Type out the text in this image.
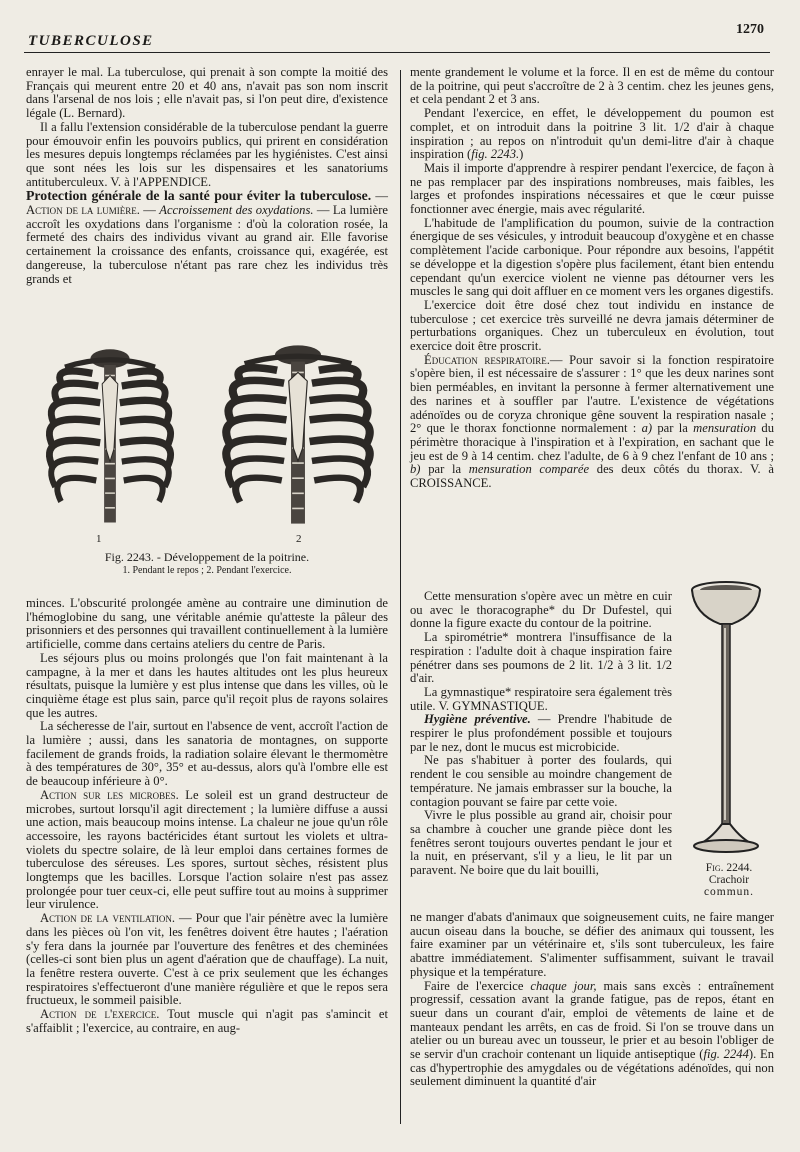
TUBERCULOSE
1270

enrayer le mal. La tuberculose, qui prenait à son compte la moitié des Français qui meurent entre 20 et 40 ans, n'avait pas son nom inscrit dans l'arsenal de nos lois ; elle n'avait pas, si l'on peut dire, d'existence légale (L. Bernard).

Il a fallu l'extension considérable de la tuberculose pendant la guerre pour émouvoir enfin les pouvoirs publics, qui prirent en considération les mesures depuis longtemps réclamées par les hygiénistes. C'est ainsi que sont nées les lois sur les dispensaires et les sanatoriums antituberculeux. V. à l'APPENDICE.

Protection générale de la santé pour éviter la tuberculose. — Action de la lumière. — Accroissement des oxydations. — La lumière accroît les oxydations dans l'organisme : d'où la coloration rosée, la fermeté des chairs des individus vivant au grand air. Elle favorise certainement la croissance des enfants, croissance qui, exagérée, est dangereuse, la tuberculose n'étant pas rare chez les individus très grands et

1	2
Fig. 2243. - Développement de la poitrine.
1. Pendant le repos ; 2. Pendant l'exercice.

minces. L'obscurité prolongée amène au contraire une diminution de l'hémoglobine du sang, une véritable anémie qu'atteste la pâleur des prisonniers et des personnes qui travaillent continuellement à la lumière artificielle, comme dans certains ateliers du centre de Paris.

Les séjours plus ou moins prolongés que l'on fait maintenant à la campagne, à la mer et dans les hautes altitudes ont les plus heureux résultats, puisque la lumière y est plus intense que dans les villes, où le cinquième étage est plus sain, parce qu'il reçoit plus de rayons solaires que les autres.

La sécheresse de l'air, surtout en l'absence de vent, accroît l'action de la lumière ; aussi, dans les sanatoria de montagnes, on supporte facilement de grands froids, la radiation solaire élevant le thermomètre à des températures de 30°, 35° et au-dessus, alors qu'à l'ombre elle est de beaucoup inférieure à 0°.

Action sur les microbes. Le soleil est un grand destructeur de microbes, surtout lorsqu'il agit directement ; la lumière diffuse a aussi une action, mais beaucoup moins intense. La chaleur ne joue qu'un rôle accessoire, les rayons bactéricides étant surtout les violets et ultra-violets du spectre solaire, de là leur emploi dans certaines formes de tuberculose des séreuses. Les spores, surtout sèches, résistent plus longtemps que les bacilles. Lorsque l'action solaire n'est pas assez prolongée pour tuer ceux-ci, elle peut suffire tout au moins à supprimer leur virulence.

Action de la ventilation. — Pour que l'air pénètre avec la lumière dans les pièces où l'on vit, les fenêtres doivent être hautes ; l'aération s'y fera dans la journée par l'ouverture des fenêtres et des cheminées (celles-ci sont bien plus un agent d'aération que de chauffage). La nuit, la fenêtre restera ouverte. C'est à ce prix seulement que les échanges respiratoires s'effectueront d'une manière régulière et que le repos sera fructueux, le sommeil paisible.

Action de l'exercice. Tout muscle qui n'agit pas s'amincit et s'affaiblit ; l'exercice, au contraire, en aug-

mente grandement le volume et la force. Il en est de même du contour de la poitrine, qui peut s'accroître de 2 à 3 centim. chez les jeunes gens, et cela pendant 2 et 3 ans.

Pendant l'exercice, en effet, le développement du poumon est complet, et on introduit dans la poitrine 3 lit. 1/2 d'air à chaque inspiration ; au repos on n'introduit qu'un demi-litre d'air à chaque inspiration (fig. 2243.)

Mais il importe d'apprendre à respirer pendant l'exercice, de façon à ne pas remplacer par des inspirations nombreuses, mais faibles, les larges et profondes inspirations nécessaires et que le cœur puisse fonctionner avec énergie, mais avec régularité.

L'habitude de l'amplification du poumon, suivie de la contraction énergique de ses vésicules, y introduit beaucoup d'oxygène et en chasse complètement l'acide carbonique. Pour répondre aux besoins, l'appétit se développe et la digestion s'opère plus facilement, étant bien entendu cependant qu'un exercice violent ne vienne pas détourner vers les muscles le sang qui doit affluer en ce moment vers les organes digestifs.

L'exercice doit être dosé chez tout individu en instance de tuberculose ; cet exercice très surveillé ne devra jamais déterminer de perturbations organiques. Chez un tuberculeux en évolution, tout exercice doit être proscrit.

Éducation respiratoire.— Pour savoir si la fonction respiratoire s'opère bien, il est nécessaire de s'assurer : 1° que les deux narines sont bien perméables, en invitant la personne à fermer alternativement une des narines et à souffler par l'autre. L'existence de végétations adénoïdes ou de coryza chronique gêne souvent la respiration nasale ; 2° que le thorax fonctionne normalement : a) par la mensuration du périmètre thoracique à l'inspiration et à l'expiration, en sachant que le jeu est de 9 à 14 centim. chez l'adulte, de 6 à 9 chez l'enfant de 10 ans ; b) par la mensuration comparée des deux côtés du thorax. V. à CROISSANCE.

Cette mensuration s'opère avec un mètre en cuir ou avec le thoracographe* du Dr Dufestel, qui donne la figure exacte du contour de la poitrine.

La spirométrie* montrera l'insuffisance de la respiration : l'adulte doit à chaque inspiration faire pénétrer dans ses poumons de 2 lit. 1/2 à 3 lit. 1/2 d'air.

La gymnastique* respiratoire sera également très utile. V. GYMNASTIQUE.

Hygiène préventive. — Prendre l'habitude de respirer le plus profondément possible et toujours par le nez, dont le mucus est microbicide.

Ne pas s'habituer à porter des foulards, qui rendent le cou sensible au moindre changement de température. Ne jamais embrasser sur la bouche, la contagion pouvant se faire par cette voie.

Vivre le plus possible au grand air, choisir pour sa chambre à coucher une grande pièce dont les fenêtres seront toujours ouvertes pendant le jour et la nuit, en préservant, s'il y a lieu, le lit par un paravent. Ne boire que du lait bouilli,	Fig. 2244.
Crachoir
commun.

ne manger d'abats d'animaux que soigneusement cuits, ne faire manger aucun oiseau dans la bouche, se défier des animaux qui toussent, les faire examiner par un vétérinaire et, s'ils sont tuberculeux, les faire abattre immédiatement. S'alimenter suffisamment, suivant le travail physique et la température.

Faire de l'exercice chaque jour, mais sans excès : entraînement progressif, cessation avant la grande fatigue, pas de repos, étant en sueur dans un courant d'air, emploi de vêtements de laine et de manteaux pendant les arrêts, en cas de froid. Si l'on se trouve dans un atelier ou un bureau avec un tousseur, le prier et au besoin l'obliger de se servir d'un crachoir contenant un liquide antiseptique (fig. 2244). En cas d'hypertrophie des amygdales ou de végétations adénoïdes, qui non seulement diminuent la quantité d'air
